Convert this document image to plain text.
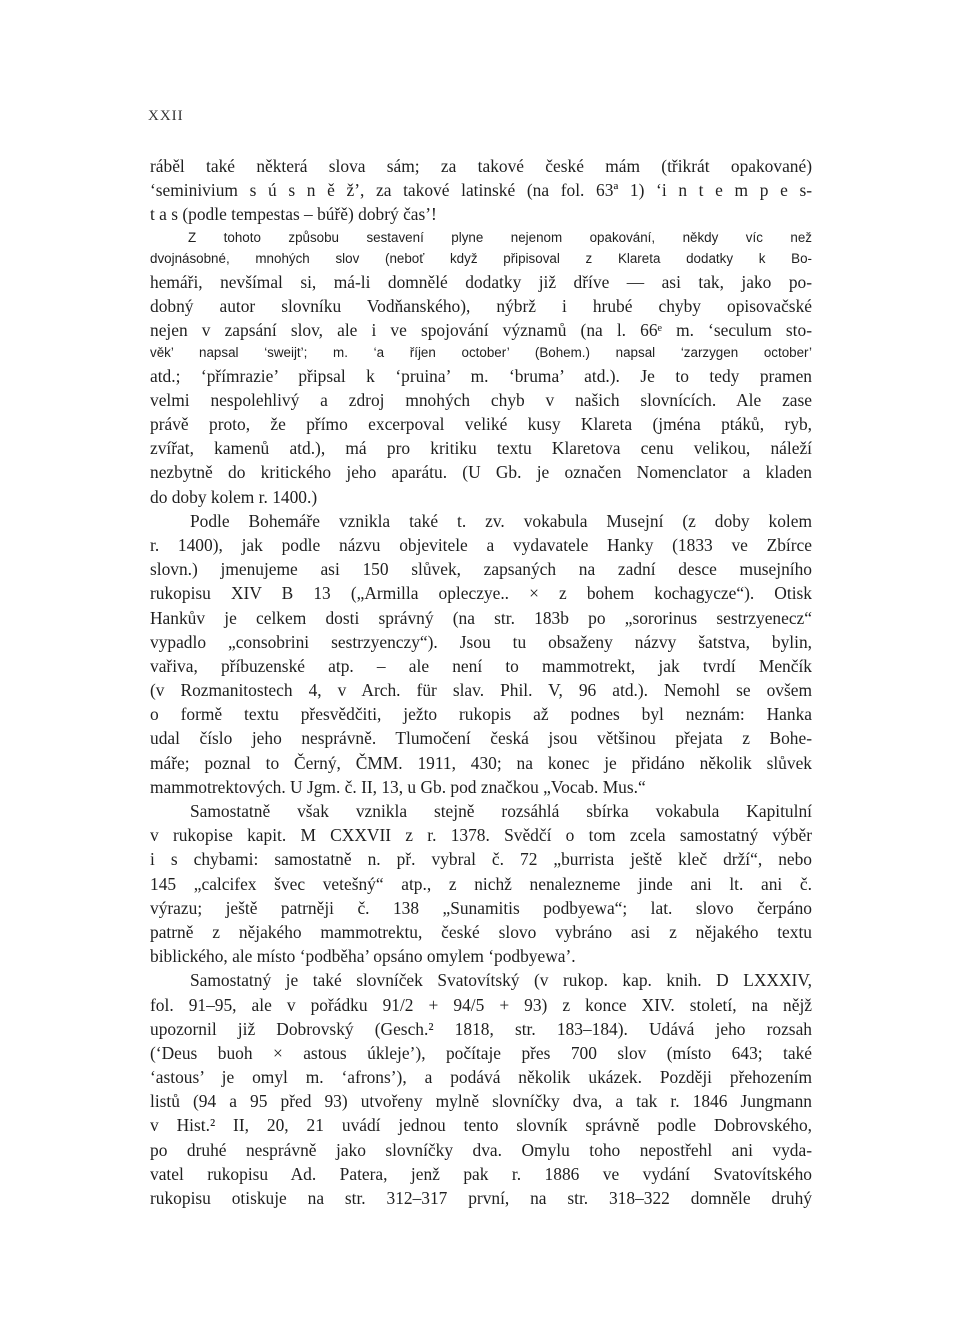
XXII
ráběl také některá slova sám; za takové české mám (třikrát opakované)
‘seminivium s ú s n ě ž’, za takové latinské (na fol. 63ª 1) ‘i n t e m p e s-
t a s (podle tempestas – búřě) dobrý čas’!
Z tohoto způsobu sestavení plyne nejenom opakování, někdy víc než
dvojnásobné, mnohých slov (neboť když připisoval z Klareta dodatky k Bo-
hemáři, nevšímal si, má-li domnělé dodatky již dříve — asi tak, jako po-
dobný autor slovníku Vodňanského), nýbrž i hrubé chyby opisovačské
nejen v zapsání slov, ale i ve spojování významů (na l. 66ᵉ m. ‘seculum sto-
věk’ napsal ‘sweijt’; m. ‘a říjen october’ (Bohem.) napsal ‘zarzygen october’
atd.; ‘přímrazie’ připsal k ‘pruina’ m. ‘bruma’ atd.). Je to tedy pramen
velmi nespolehlivý a zdroj mnohých chyb v našich slovnících. Ale zase
právě proto, že přímo excerpoval veliké kusy Klareta (jména ptáků, ryb,
zvířat, kamenů atd.), má pro kritiku textu Klaretova cenu velikou, náleží
nezbytně do kritického jeho aparátu. (U Gb. je označen Nomenclator a kladen
do doby kolem r. 1400.)
Podle Bohemáře vznikla také t. zv. vokabula Musejní (z doby kolem
r. 1400), jak podle názvu objevitele a vydavatele Hanky (1833 ve Zbírce
slovn.) jmenujeme asi 150 slůvek, zapsaných na zadní desce musejního
rukopisu XIV B 13 („Armilla opleczye.. × z bohem kochagycze“). Otisk
Hankův je celkem dosti správný (na str. 183b po „sororinus sestrzyenecz“
vypadlo „consobrini sestrzyenczy“). Jsou tu obsaženy názvy šatstva, bylin,
vařiva, příbuzenské atp. – ale není to mammotrekt, jak tvrdí Menčík
(v Rozmanitostech 4, v Arch. für slav. Phil. V, 96 atd.). Nemohl se ovšem
o formě textu přesvědčiti, ježto rukopis až podnes byl neznám: Hanka
udal číslo jeho nesprávně. Tlumočení česká jsou většinou přejata z Bohe-
máře; poznal to Černý, ČMM. 1911, 430; na konec je přidáno několik slůvek
mammotrektových. U Jgm. č. II, 13, u Gb. pod značkou „Vocab. Mus.“
Samostatně však vznikla stejně rozsáhlá sbírka vokabula Kapitulní
v rukopise kapit. M CXXVII z r. 1378. Svědčí o tom zcela samostatný výběr
i s chybami: samostatně n. př. vybral č. 72 „burrista ještě kleč drží“, nebo
145 „calcifex švec vetešný“ atp., z nichž nenalezneme jinde ani lt. ani č.
výrazu; ještě patrněji č. 138 „Sunamitis podbyewa“; lat. slovo čerpáno
patrně z nějakého mammotrektu, české slovo vybráno asi z nějakého textu
biblického, ale místo ‘podběha’ opsáno omylem ‘podbyewa’.
Samostatný je také slovníček Svatovítský (v rukop. kap. knih. D LXXXIV,
fol. 91–95, ale v pořádku 91/2 + 94/5 + 93) z konce XIV. století, na nějž
upozornil již Dobrovský (Gesch.² 1818, str. 183–184). Udává jeho rozsah
(‘Deus buoh × astous úkleje’), počítaje přes 700 slov (místo 643; také
‘astous’ je omyl m. ‘afrons’), a podává několik ukázek. Později přehozením
listů (94 a 95 před 93) utvořeny mylně slovníčky dva, a tak r. 1846 Jungmann
v Hist.² II, 20, 21 uvádí jednou tento slovník správně podle Dobrovského,
po druhé nesprávně jako slovníčky dva. Omylu toho nepostřehl ani vyda-
vatel rukopisu Ad. Patera, jenž pak r. 1886 ve vydání Svatovítského
rukopisu otiskuje na str. 312–317 první, na str. 318–322 domněle druhý
